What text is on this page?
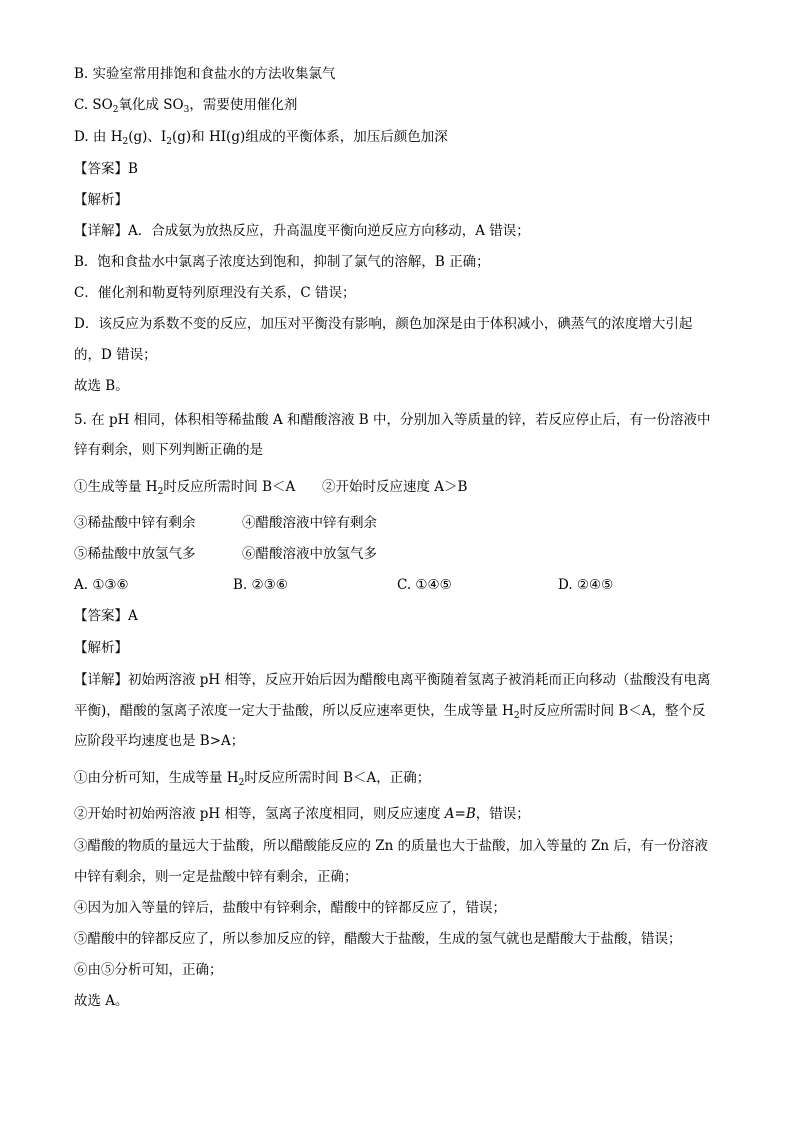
B. 实验室常用排饱和食盐水的方法收集氯气
C. $SO_2$氧化成 $SO_3$，需要使用催化剂
D. 由 $H_2(g)$、$I_2(g)$和 HI(g)组成的平衡体系，加压后颜色加深
【答案】B
【解析】
【详解】A．合成氨为放热反应，升高温度平衡向逆反应方向移动，A 错误；
B．饱和食盐水中氯离子浓度达到饱和，抑制了氯气的溶解，B 正确；
C．催化剂和勒夏特列原理没有关系，C 错误；
D．该反应为系数不变的反应，加压对平衡没有影响，颜色加深是由于体积减小，碘蒸气的浓度增大引起
的，D 错误；
故选 B。
5. 在 pH 相同，体积相等稀盐酸 A 和醋酸溶液 B 中，分别加入等质量的锌，若反应停止后，有一份溶液中
锌有剩余，则下列判断正确的是
①生成等量 $H_2$时反应所需时间 B＜A ②开始时反应速度 A＞B
③稀盐酸中锌有剩余	④醋酸溶液中锌有剩余
⑤稀盐酸中放氢气多	⑥醋酸溶液中放氢气多
A. ①③⑥	B. ②③⑥	C. ①④⑤	D. ②④⑤
【答案】A
【解析】
【详解】初始两溶液 pH 相等，反应开始后因为醋酸电离平衡随着氢离子被消耗而正向移动（盐酸没有电离
平衡)，醋酸的氢离子浓度一定大于盐酸，所以反应速率更快，生成等量 $H_2$时反应所需时间 B＜A，整个反
应阶段平均速度也是 B>A；
①由分析可知，生成等量 $H_2$时反应所需时间 B＜A，正确；
②开始时初始两溶液 pH 相等，氢离子浓度相同，则反应速度 A=B，错误；
③醋酸的物质的量远大于盐酸，所以醋酸能反应的 Zn 的质量也大于盐酸，加入等量的 Zn 后，有一份溶液
中锌有剩余，则一定是盐酸中锌有剩余，正确；
④因为加入等量的锌后，盐酸中有锌剩余，醋酸中的锌都反应了，错误；
⑤醋酸中的锌都反应了，所以参加反应的锌，醋酸大于盐酸，生成的氢气就也是醋酸大于盐酸，错误；
⑥由⑤分析可知，正确；
故选 A。
